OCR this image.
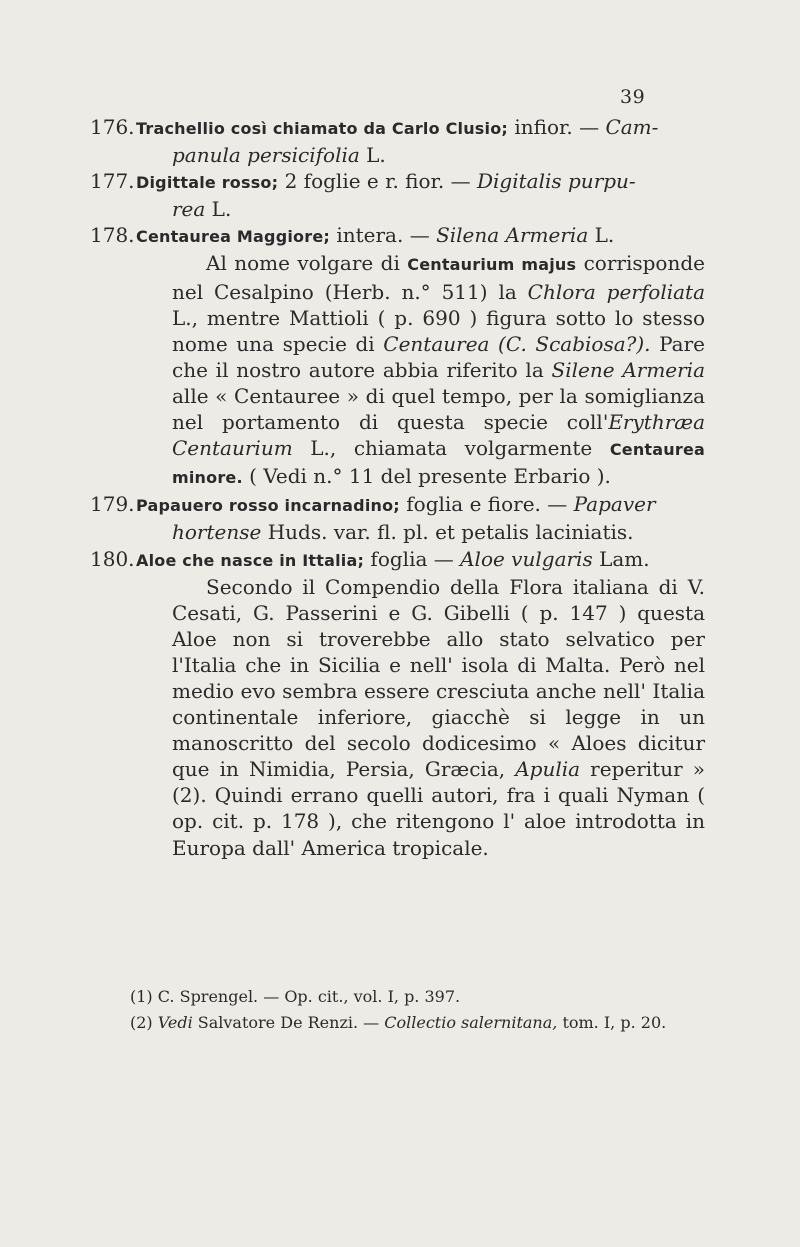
39
176.Trachellio così chiamato da Carlo Clusio; infior. — Cam-
panula persicifolia L.
177.Digittale rosso; 2 foglie e r. fior. — Digitalis purpu-
rea L.
178.Centaurea Maggiore; intera. — Silena Armeria L.
Al nome volgare di Centaurium majus corrisponde nel Cesalpino (Herb. n.° 511) la Chlora perfoliata L., mentre Mattioli ( p. 690 ) figura sotto lo stesso nome una specie di Centaurea (C. Scabiosa?). Pare che il nostro autore abbia riferito la Silene Armeria alle « Centauree » di quel tempo, per la somiglianza nel portamento di questa specie coll'Erythræa Centaurium L., chiamata volgarmente Centaurea minore. ( Vedi n.° 11 del presente Erbario ).
179.Papauero rosso incarnadino; foglia e fiore. — Papaver
hortense Huds. var. fl. pl. et petalis laciniatis.
180.Aloe che nasce in Ittalia; foglia — Aloe vulgaris Lam.
Secondo il Compendio della Flora italiana di V. Cesati, G. Passerini e G. Gibelli ( p. 147 ) questa Aloe non si troverebbe allo stato selvatico per l'Italia che in Sicilia e nell' isola di Malta. Però nel medio evo sembra essere cresciuta anche nell' Italia continentale inferiore, giacchè si legge in un manoscritto del secolo dodicesimo « Aloes dicitur que in Nimidia, Persia, Græcia, Apulia reperitur » (2). Quindi errano quelli autori, fra i quali Nyman ( op. cit. p. 178 ), che ritengono l' aloe introdotta in Europa dall' America tropicale.
(1) C. Sprengel. — Op. cit., vol. I, p. 397.
(2) Vedi Salvatore De Renzi. — Collectio salernitana, tom. I, p. 20.
